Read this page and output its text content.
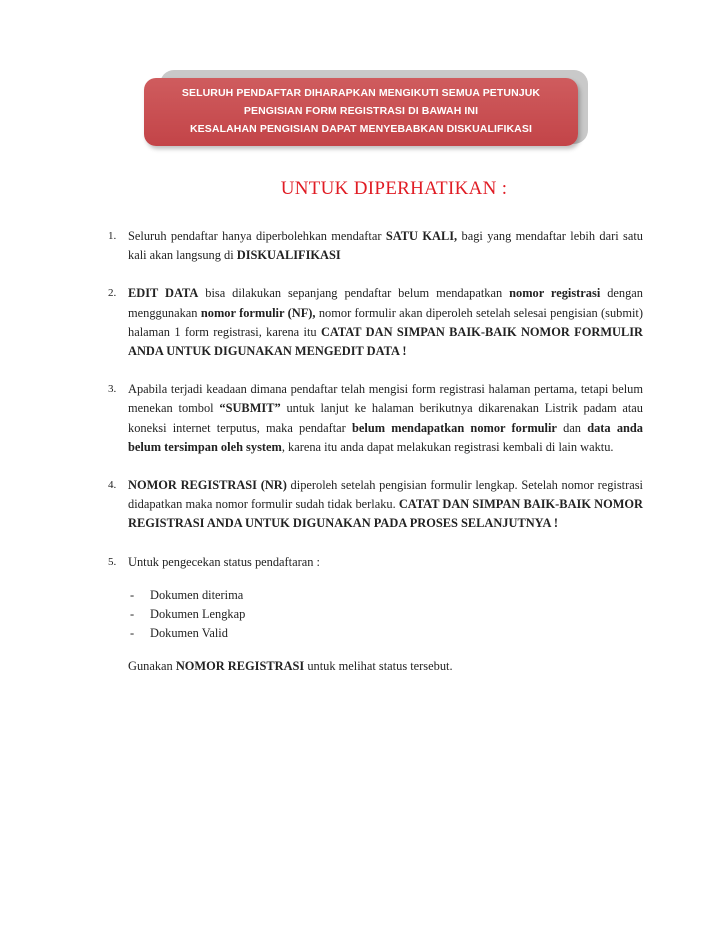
SELURUH PENDAFTAR DIHARAPKAN MENGIKUTI SEMUA PETUNJUK
PENGISIAN FORM REGISTRASI DI BAWAH INI
KESALAHAN PENGISIAN DAPAT MENYEBABKAN DISKUALIFIKASI
UNTUK DIPERHATIKAN :
1. Seluruh pendaftar hanya diperbolehkan mendaftar SATU KALI, bagi yang mendaftar lebih dari satu kali akan langsung di DISKUALIFIKASI
2. EDIT DATA bisa dilakukan sepanjang pendaftar belum mendapatkan nomor registrasi dengan menggunakan nomor formulir (NF), nomor formulir akan diperoleh setelah selesai pengisian (submit) halaman 1 form registrasi, karena itu CATAT DAN SIMPAN BAIK-BAIK NOMOR FORMULIR ANDA UNTUK DIGUNAKAN MENGEDIT DATA !
3. Apabila terjadi keadaan dimana pendaftar telah mengisi form registrasi halaman pertama, tetapi belum menekan tombol “SUBMIT” untuk lanjut ke halaman berikutnya dikarenakan Listrik padam atau koneksi internet terputus, maka pendaftar belum mendapatkan nomor formulir dan data anda belum tersimpan oleh system, karena itu anda dapat melakukan registrasi kembali di lain waktu.
4. NOMOR REGISTRASI (NR) diperoleh setelah pengisian formulir lengkap. Setelah nomor registrasi didapatkan maka nomor formulir sudah tidak berlaku. CATAT DAN SIMPAN BAIK-BAIK NOMOR REGISTRASI ANDA UNTUK DIGUNAKAN PADA PROSES SELANJUTNYA !
5. Untuk pengecekan status pendaftaran :
- Dokumen diterima
- Dokumen Lengkap
- Dokumen Valid
Gunakan NOMOR REGISTRASI untuk melihat status tersebut.
